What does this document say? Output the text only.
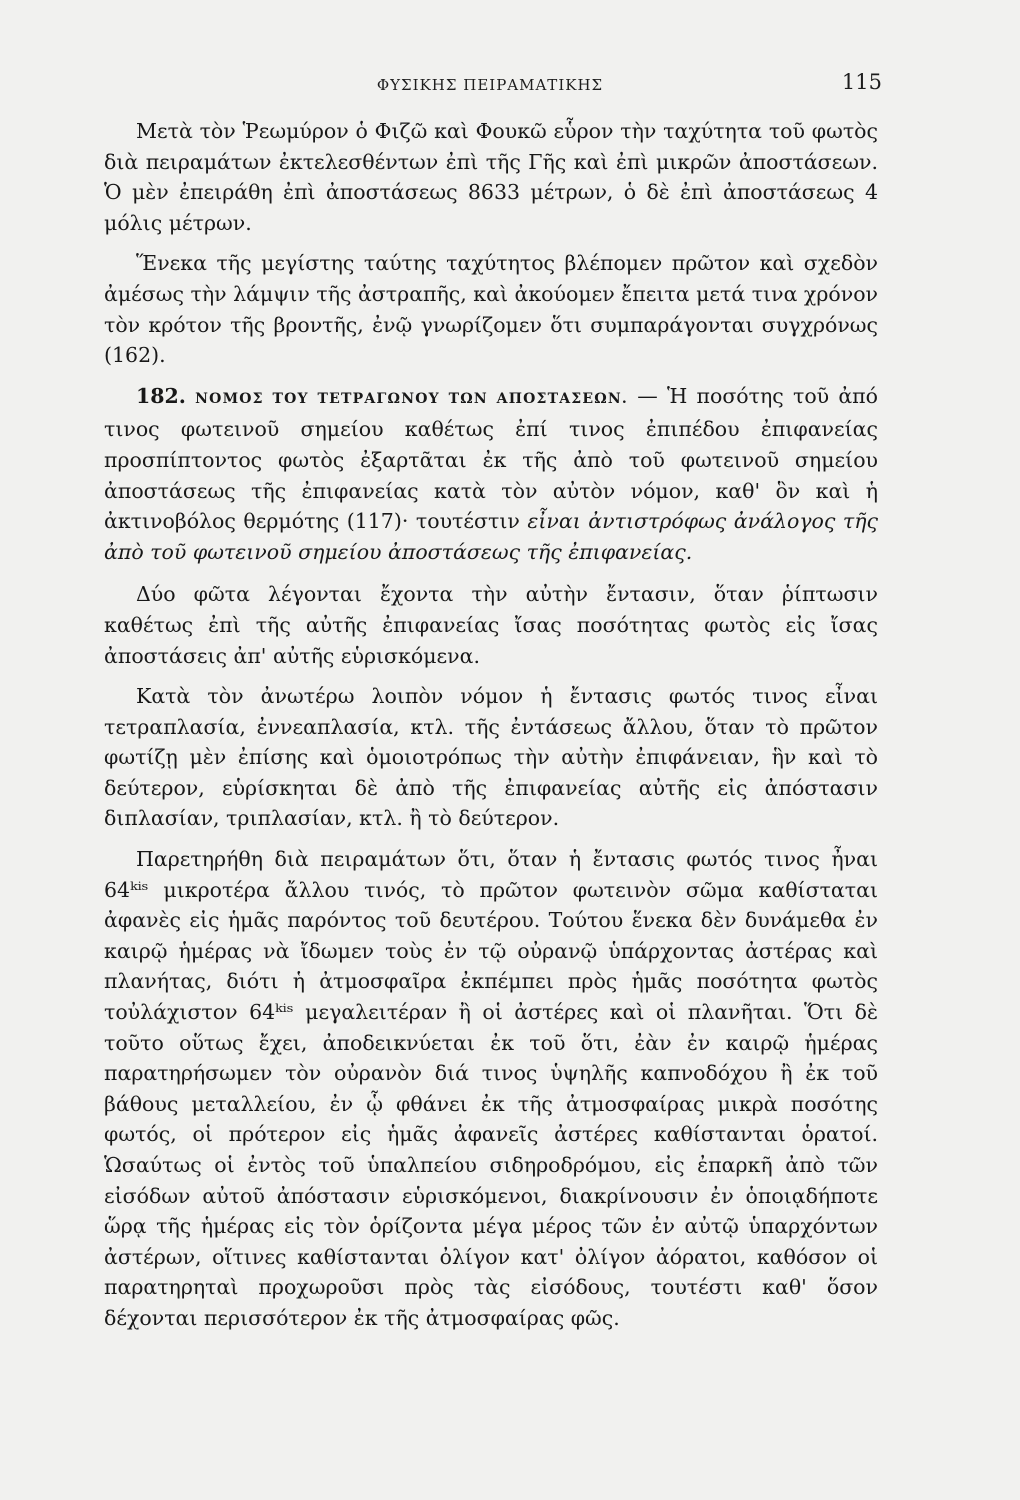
ΦΥΣΙΚΗΣ ΠΕΙΡΑΜΑΤΙΚΗΣ	115

Μετὰ τὸν Ῥεωμύρον ὁ Φιζῶ καὶ Φουκῶ εὗρον τὴν ταχύτητα τοῦ φωτὸς διὰ πειραμάτων ἐκτελεσθέντων ἐπὶ τῆς Γῆς καὶ ἐπὶ μικρῶν ἀποστάσεων. Ὁ μὲν ἐπειράθη ἐπὶ ἀποστάσεως 8633 μέτρων, ὁ δὲ ἐπὶ ἀποστάσεως 4 μόλις μέτρων.

Ἕνεκα τῆς μεγίστης ταύτης ταχύτητος βλέπομεν πρῶτον καὶ σχεδὸν ἀμέσως τὴν λάμψιν τῆς ἀστραπῆς, καὶ ἀκούομεν ἔπειτα μετά τινα χρόνον τὸν κρότον τῆς βροντῆς, ἐνῷ γνωρίζομεν ὅτι συμπαράγονται συγχρόνως (162).

182. ΝΟΜΟΣ ΤΟΥ ΤΕΤΡΑΓΩΝΟΥ ΤΩΝ ΑΠΟΣΤΑΣΕΩΝ. — Ἡ ποσότης τοῦ ἀπό τινος φωτεινοῦ σημείου καθέτως ἐπί τινος ἐπιπέδου ἐπιφανείας προσπίπτοντος φωτὸς ἐξαρτᾶται ἐκ τῆς ἀπὸ τοῦ φωτεινοῦ σημείου ἀποστάσεως τῆς ἐπιφανείας κατὰ τὸν αὐτὸν νόμον, καθ' ὃν καὶ ἡ ἀκτινοβόλος θερμότης (117)· τουτέστιν εἶναι ἀντιστρόφως ἀνάλογος τῆς ἀπὸ τοῦ φωτεινοῦ σημείου ἀποστάσεως τῆς ἐπιφανείας.

Δύο φῶτα λέγονται ἔχοντα τὴν αὐτὴν ἔντασιν, ὅταν ῥίπτωσιν καθέτως ἐπὶ τῆς αὐτῆς ἐπιφανείας ἴσας ποσότητας φωτὸς εἰς ἴσας ἀποστάσεις ἀπ' αὐτῆς εὑρισκόμενα.

Κατὰ τὸν ἀνωτέρω λοιπὸν νόμον ἡ ἔντασις φωτός τινος εἶναι τετραπλασία, ἐννεαπλασία, κτλ. τῆς ἐντάσεως ἄλλου, ὅταν τὸ πρῶτον φωτίζῃ μὲν ἐπίσης καὶ ὁμοιοτρόπως τὴν αὐτὴν ἐπιφάνειαν, ἣν καὶ τὸ δεύτερον, εὑρίσκηται δὲ ἀπὸ τῆς ἐπιφανείας αὐτῆς εἰς ἀπόστασιν διπλασίαν, τριπλασίαν, κτλ. ἢ τὸ δεύτερον.

Παρετηρήθη διὰ πειραμάτων ὅτι, ὅταν ἡ ἔντασις φωτός τινος ἦναι 64ᵏⁱˢ μικροτέρα ἄλλου τινός, τὸ πρῶτον φωτεινὸν σῶμα καθίσταται ἀφανὲς εἰς ἡμᾶς παρόντος τοῦ δευτέρου. Τούτου ἕνεκα δὲν δυνάμεθα ἐν καιρῷ ἡμέρας νὰ ἴδωμεν τοὺς ἐν τῷ οὐρανῷ ὑπάρχοντας ἀστέρας καὶ πλανήτας, διότι ἡ ἀτμοσφαῖρα ἐκπέμπει πρὸς ἡμᾶς ποσότητα φωτὸς τοὐλάχιστον 64ᵏⁱˢ μεγαλειτέραν ἢ οἱ ἀστέρες καὶ οἱ πλανῆται. Ὅτι δὲ τοῦτο οὕτως ἔχει, ἀποδεικνύεται ἐκ τοῦ ὅτι, ἐὰν ἐν καιρῷ ἡμέρας παρατηρήσωμεν τὸν οὐρανὸν διά τινος ὑψηλῆς καπνοδόχου ἢ ἐκ τοῦ βάθους μεταλλείου, ἐν ᾧ φθάνει ἐκ τῆς ἀτμοσφαίρας μικρὰ ποσότης φωτός, οἱ πρότερον εἰς ἡμᾶς ἀφανεῖς ἀστέρες καθίστανται ὁρατοί. Ὡσαύτως οἱ ἐντὸς τοῦ ὑπαλπείου σιδηροδρόμου, εἰς ἐπαρκῆ ἀπὸ τῶν εἰσόδων αὐτοῦ ἀπόστασιν εὑρισκόμενοι, διακρίνουσιν ἐν ὁποιᾳδήποτε ὥρᾳ τῆς ἡμέρας εἰς τὸν ὁρίζοντα μέγα μέρος τῶν ἐν αὐτῷ ὑπαρχόντων ἀστέρων, οἵτινες καθίστανται ὀλίγον κατ' ὀλίγον ἀόρατοι, καθόσον οἱ παρατηρηταὶ προχωροῦσι πρὸς τὰς εἰσόδους, τουτέστι καθ' ὅσον δέχονται περισσότερον ἐκ τῆς ἀτμοσφαίρας φῶς.
